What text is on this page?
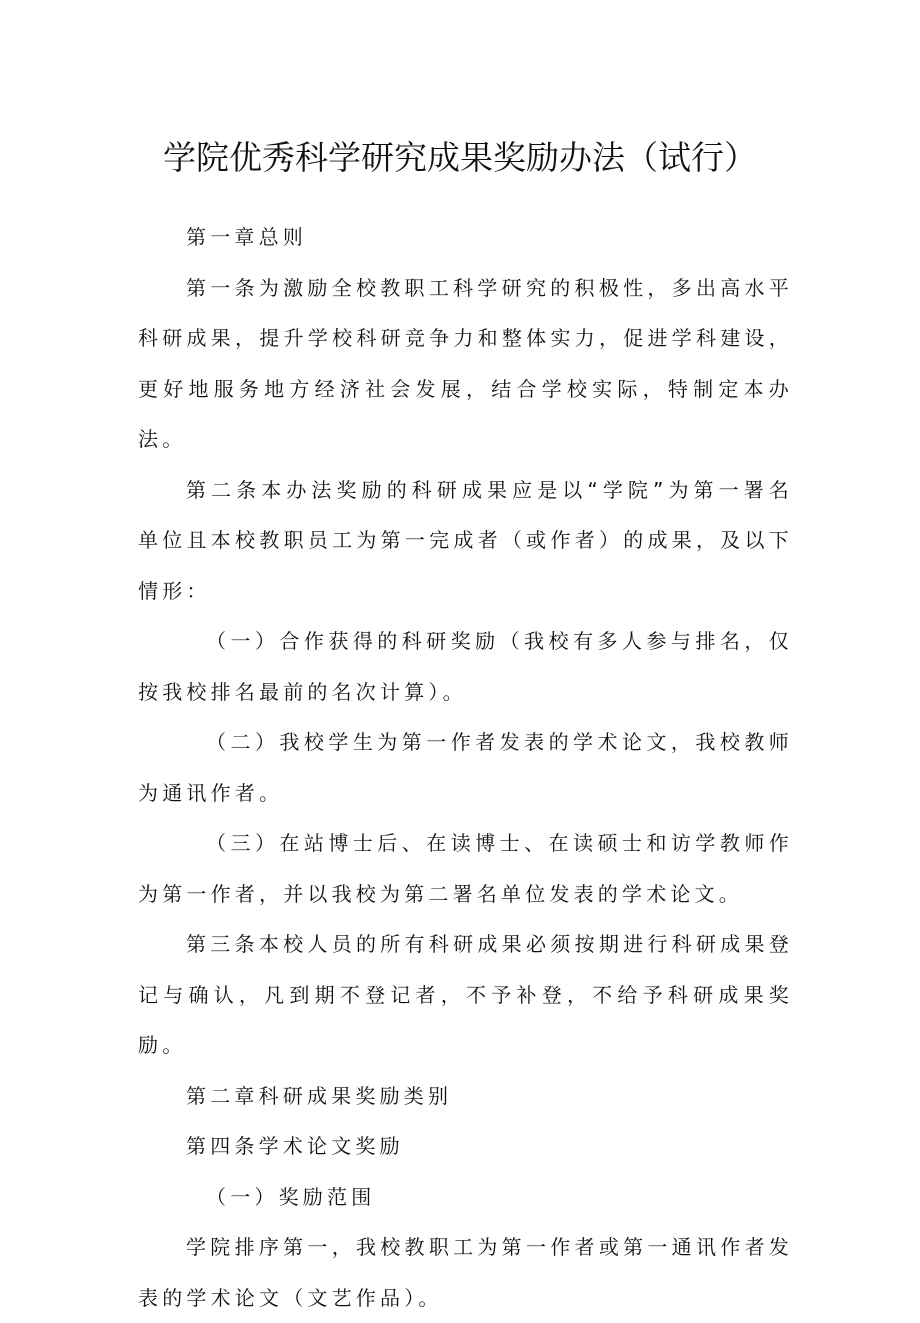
学院优秀科学研究成果奖励办法（试行）

第一章总则

第一条为激励全校教职工科学研究的积极性，多出高水平科研成果，提升学校科研竞争力和整体实力，促进学科建设，更好地服务地方经济社会发展，结合学校实际，特制定本办法。

第二条本办法奖励的科研成果应是以“学院”为第一署名单位且本校教职员工为第一完成者（或作者）的成果，及以下情形：

（一）合作获得的科研奖励（我校有多人参与排名，仅按我校排名最前的名次计算）。

（二）我校学生为第一作者发表的学术论文，我校教师为通讯作者。

（三）在站博士后、在读博士、在读硕士和访学教师作为第一作者，并以我校为第二署名单位发表的学术论文。

第三条本校人员的所有科研成果必须按期进行科研成果登记与确认，凡到期不登记者，不予补登，不给予科研成果奖励。

第二章科研成果奖励类别

第四条学术论文奖励

（一）奖励范围

学院排序第一，我校教职工为第一作者或第一通讯作者发表的学术论文（文艺作品）。
